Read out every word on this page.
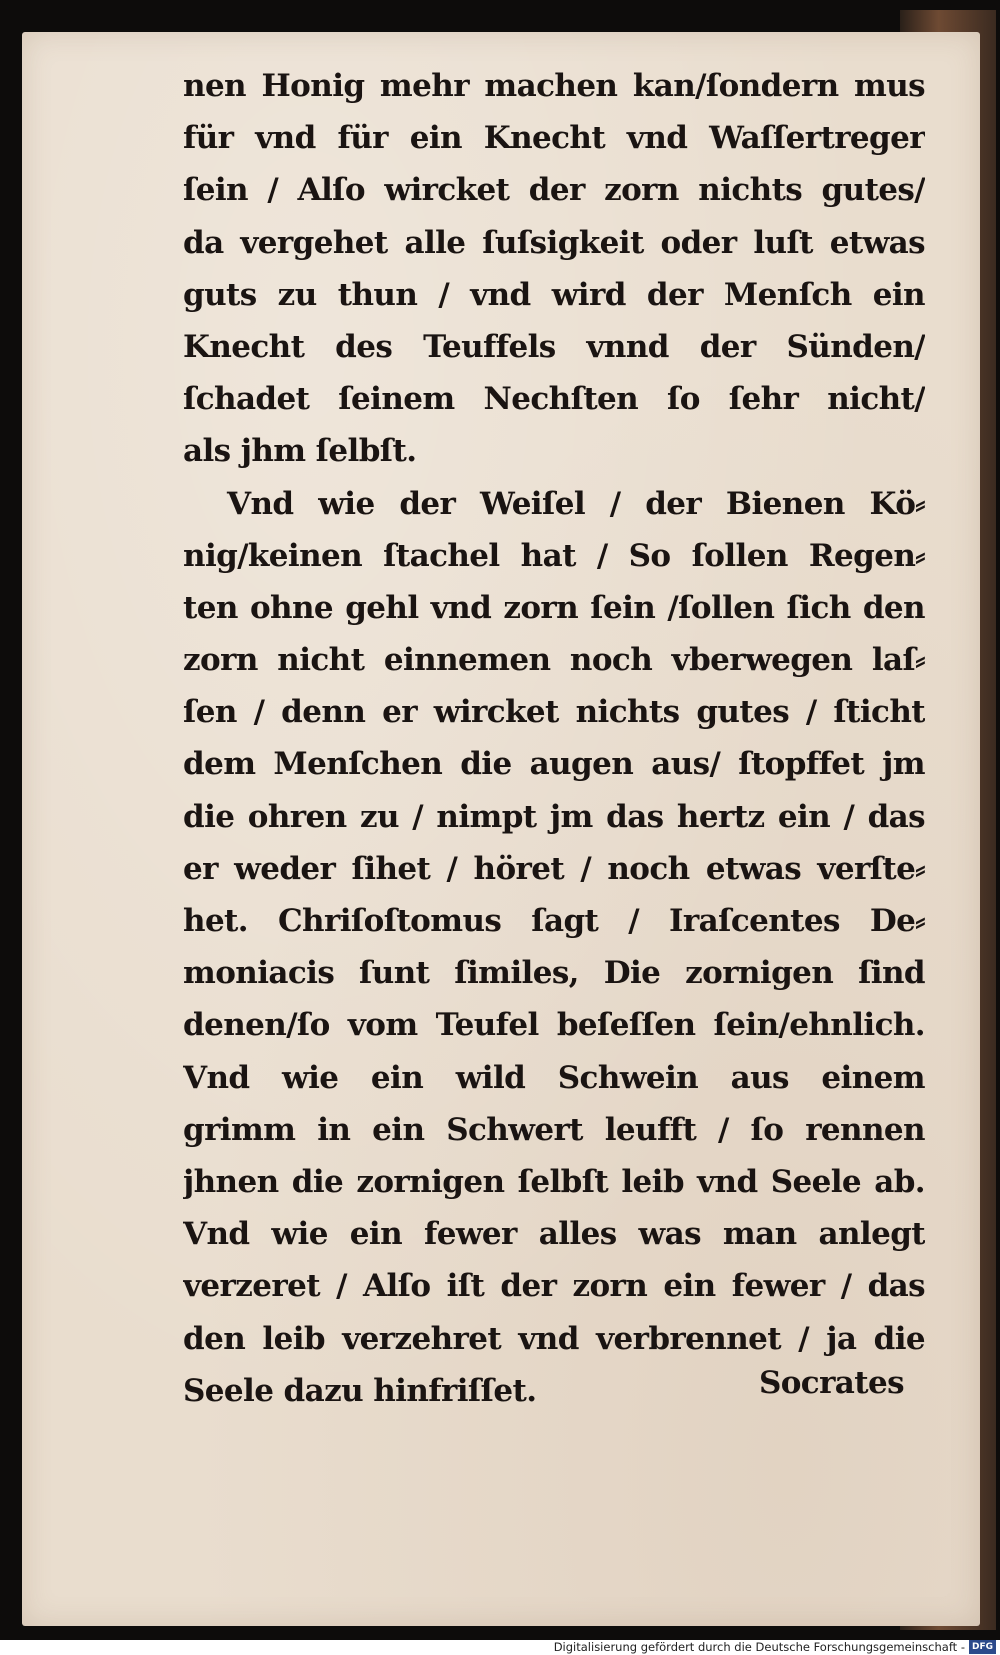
nen Honig mehr machen kan/ſondern mus
für vnd für ein Knecht vnd Waſſertreger
ſein / Alſo wircket der zorn nichts gutes/
da vergehet alle ſuſsigkeit oder luſt etwas
guts zu thun / vnd wird der Menſch ein
Knecht des Teuffels vnnd der Sünden/
ſchadet ſeinem Nechſten ſo ſehr nicht/
als jhm ſelbſt.
Vnd wie der Weiſel / der Bienen Kö⸗
nig/keinen ſtachel hat / So ſollen Regen⸗
ten ohne gehl vnd zorn ſein /ſollen ſich den
zorn nicht einnemen noch vberwegen laſ⸗
ſen / denn er wircket nichts gutes / ſticht
dem Menſchen die augen aus/ ſtopffet jm
die ohren zu / nimpt jm das hertz ein / das
er weder ſihet / höret / noch etwas verſte⸗
het. Chriſoſtomus ſagt / Iraſcentes De⸗
moniacis ſunt ſimiles, Die zornigen ſind
denen/ſo vom Teufel beſeſſen ſein/ehnlich.
Vnd wie ein wild Schwein aus einem
grimm in ein Schwert leufft / ſo rennen
jhnen die zornigen ſelbſt leib vnd Seele ab.
Vnd wie ein fewer alles was man anlegt
verzeret / Alſo iſt der zorn ein fewer / das
den leib verzehret vnd verbrennet / ja die
Seele dazu hinfriſſet.	Socrates
Digitalisierung gefördert durch die Deutsche Forschungsgemeinschaft - DFG
